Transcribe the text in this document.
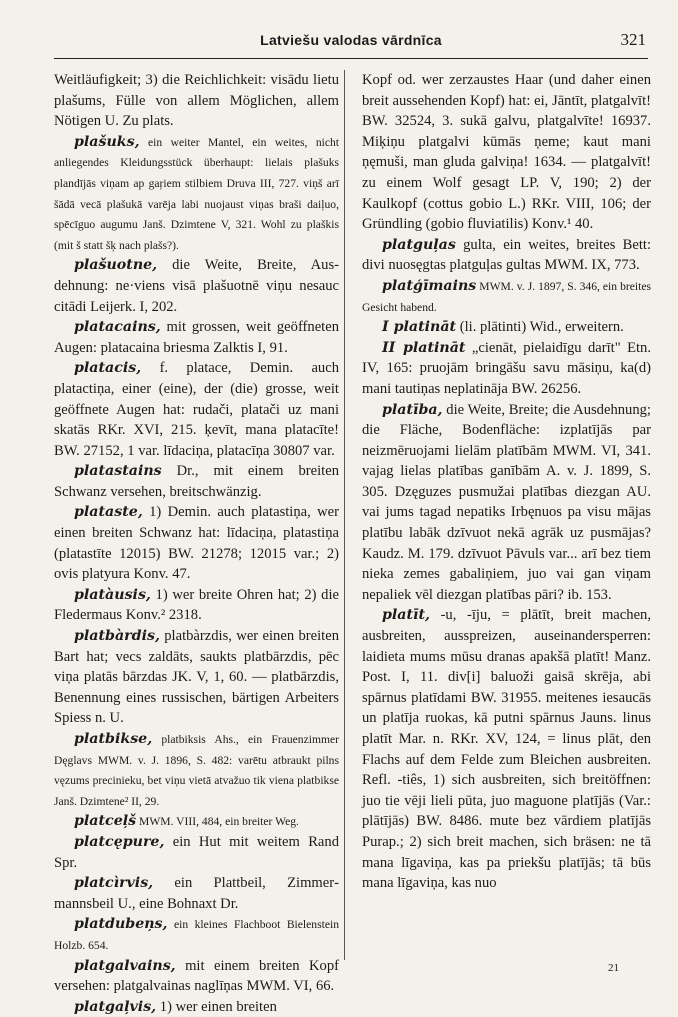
Latviešu valodas vārdnīca	321

Weitläufigkeit; 3) die Reichlichkeit: visādu lietu plašums, Fülle von allem Möglichen, allem Nötigen U. Zu plats.

plašuks, ein weiter Mantel, ein weites, nicht anliegendes Kleidungsstück überhaupt: lielais plašuks plandījās viņam ap gaŗiem stilbiem Druva III, 727. viņš arī šādā vecā plašukā varēja labi nuojaust viņas braši daiļuo, spēcīguo augumu Janš. Dzimtene V, 321. Wohl zu plaškis (mit š statt šķ nach plašs?).

plašuotne, die Weite, Breite, Ausdehnung: ne·viens visā plašuotnē viņu nesauc citādi Leijerk. I, 202.

platacains, mit grossen, weit geöffneten Augen: platacaina briesma Zalktis I, 91.

platacis, f. platace, Demin. auch platactiņa, einer (eine), der (die) grosse, weit geöffnete Augen hat: rudači, platači uz mani skatās RKr. XVI, 215. ķevīt, mana platacīte! BW. 27152, 1 var. līdaciņa, platacīņa 30807 var.

platastains Dr., mit einem breiten Schwanz versehen, breitschwänzig.

plataste, 1) Demin. auch platastiņa, wer einen breiten Schwanz hat: līdaciņa, platastiņa (platastīte 12015) BW. 21278; 12015 var.; 2) ovis platyura Konv. 47.

platàusis, 1) wer breite Ohren hat; 2) die Fledermaus Konv.² 2318.

platbàrdis, platbàrzdis, wer einen breiten Bart hat; vecs zaldāts, saukts platbārzdis, pēc viņa platās bārzdas JK. V, 1, 60. — platbārzdis, Benennung eines russischen, bärtigen Arbeiters Spiess n. U.

platbikse, platbiksis Ahs., ein Frauenzimmer Dęglavs MWM. v. J. 1896, S. 482: varētu atbraukt pilns vęzums precinieku, bet viņu vietā atvažuo tik viena platbikse Janš. Dzimtene² II, 29.

platceļš MWM. VIII, 484, ein breiter Weg.

platcępure, ein Hut mit weitem Rand Spr.

platcìrvis, ein Plattbeil, Zimmermannsbeil U., eine Bohnaxt Dr.

platdubeņs, ein kleines Flachboot Bielenstein Holzb. 654.

platgalvains, mit einem breiten Kopf versehen: platgalvainas naglīņas MWM. VI, 66.

platgaļvis, 1) wer einen breiten

Kopf od. wer zerzaustes Haar (und daher einen breit aussehenden Kopf) hat: ei, Jāntīt, platgalvīt! BW. 32524, 3. sukā galvu, platgalvīte! 16937. Miķiņu platgalvi kūmās ņeme; kaut mani ņęmuši, man gluda galviņa! 1634. — platgalvīt! zu einem Wolf gesagt LP. V, 190; 2) der Kaulkopf (cottus gobio L.) RKr. VIII, 106; der Gründling (gobio fluviatilis) Konv.¹ 40.

platguļas gulta, ein weites, breites Bett: divi nuosęgtas platguļas gultas MWM. IX, 773.

platģīmains MWM. v. J. 1897, S. 346, ein breites Gesicht habend.

I platināt (li. plātinti) Wid., erweitern.

II platināt „cienāt, pielaidīgu darīt" Etn. IV, 165: pruojām bringāšu savu māsiņu, ka(d) mani tautiņas neplatināja BW. 26256.

platība, die Weite, Breite; die Ausdehnung; die Fläche, Bodenfläche: izplatījās par neizmēruojami lielām platībām MWM. VI, 341. vajag lielas platības ganībām A. v. J. 1899, S. 305. Dzęguzes pusmužai platības diezgan AU. vai jums tagad nepatiks Irbęnuos pa visu mājas platību labāk dzīvuot nekā agrāk uz pusmājas? Kaudz. M. 179. dzīvuot Pāvuls var... arī bez tiem nieka zemes gabaliņiem, juo vai gan viņam nepaliek vēl diezgan platības pāri? ib. 153.

platīt, -u, -īju, = plātīt, breit machen, ausbreiten, ausspreizen, auseinandersperren: laidieta mums mūsu dranas apakšā platīt! Manz. Post. I, 11. div[i] baluoži gaisā skrēja, abi spārnus platīdami BW. 31955. meitenes iesaucās un platīja ruokas, kā putni spārnus Jauns. linus platīt Mar. n. RKr. XV, 124, = linus plāt, den Flachs auf dem Felde zum Bleichen ausbreiten. Refl. -tiês, 1) sich ausbreiten, sich breitöffnen: juo tie vēji lieli pūta, juo maguone platījās (Var.: plātījās) BW. 8486. mute bez vārdiem platījās Purap.; 2) sich breit machen, sich bräsen: ne tā mana līgaviņa, kas pa priekšu platījās; tā būs mana līgaviņa, kas nuo

21
